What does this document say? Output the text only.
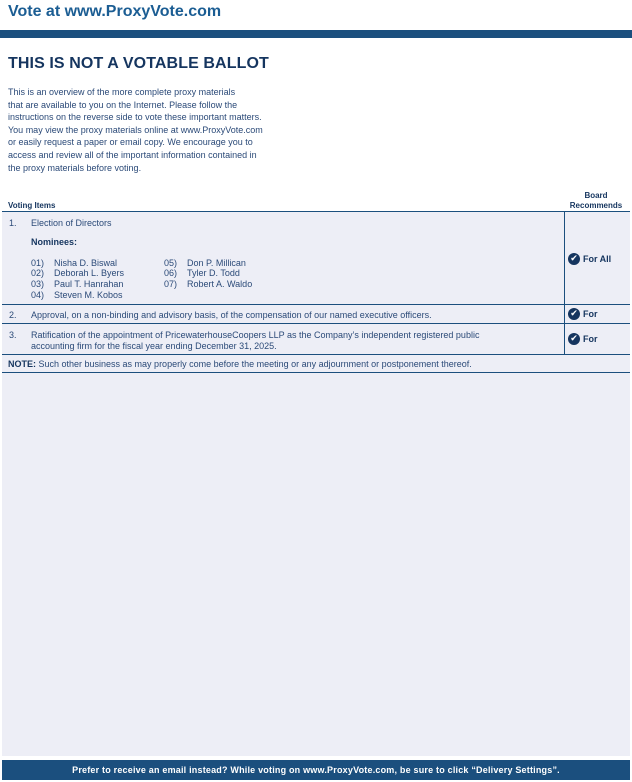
Vote at www.ProxyVote.com
THIS IS NOT A VOTABLE BALLOT
This is an overview of the more complete proxy materials
that are available to you on the Internet. Please follow the
instructions on the reverse side to vote these important matters.
You may view the proxy materials online at www.ProxyVote.com
or easily request a paper or email copy. We encourage you to
access and review all of the important information contained in
the proxy materials before voting.
Voting Items
Board
Recommends
1. Election of Directors
Nominees:
01) Nisha D. Biswal
02) Deborah L. Byers
03) Paul T. Hanrahan
04) Steven M. Kobos
05) Don P. Millican
06) Tyler D. Todd
07) Robert A. Waldo
✔ For All
2. Approval, on a non-binding and advisory basis, of the compensation of our named executive officers.	✔ For
3. Ratification of the appointment of PricewaterhouseCoopers LLP as the Company’s independent registered public
accounting firm for the fiscal year ending December 31, 2025.
✔ For
NOTE: Such other business as may properly come before the meeting or any adjournment or postponement thereof.
Prefer to receive an email instead? While voting on www.ProxyVote.com, be sure to click “Delivery Settings”.
